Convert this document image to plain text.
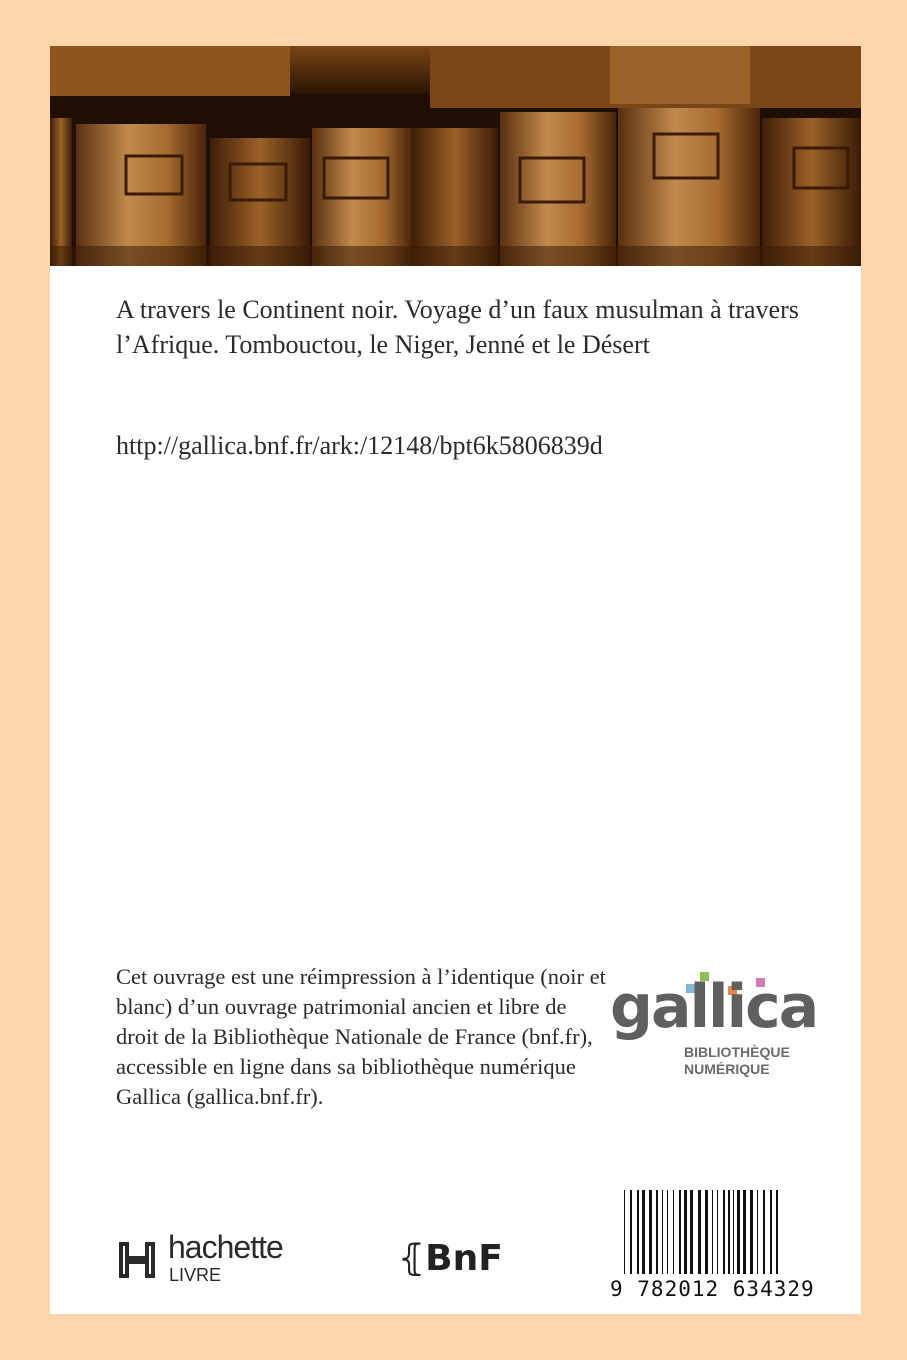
A travers le Continent noir. Voyage d’un faux musulman à travers l’Afrique. Tombouctou, le Niger, Jenné et le Désert
http://gallica.bnf.fr/ark:/12148/bpt6k5806839d
Cet ouvrage est une réimpression à l’identique (noir et blanc) d’un ouvrage patrimonial ancien et libre de droit de la Bibliothèque Nationale de France (bnf.fr), accessible en ligne dans sa bibliothèque numérique Gallica (gallica.bnf.fr).
gallica
BIBLIOTHÈQUE
NUMÉRIQUE
hachette
LIVRE	⦃BnF
9 782012 634329
